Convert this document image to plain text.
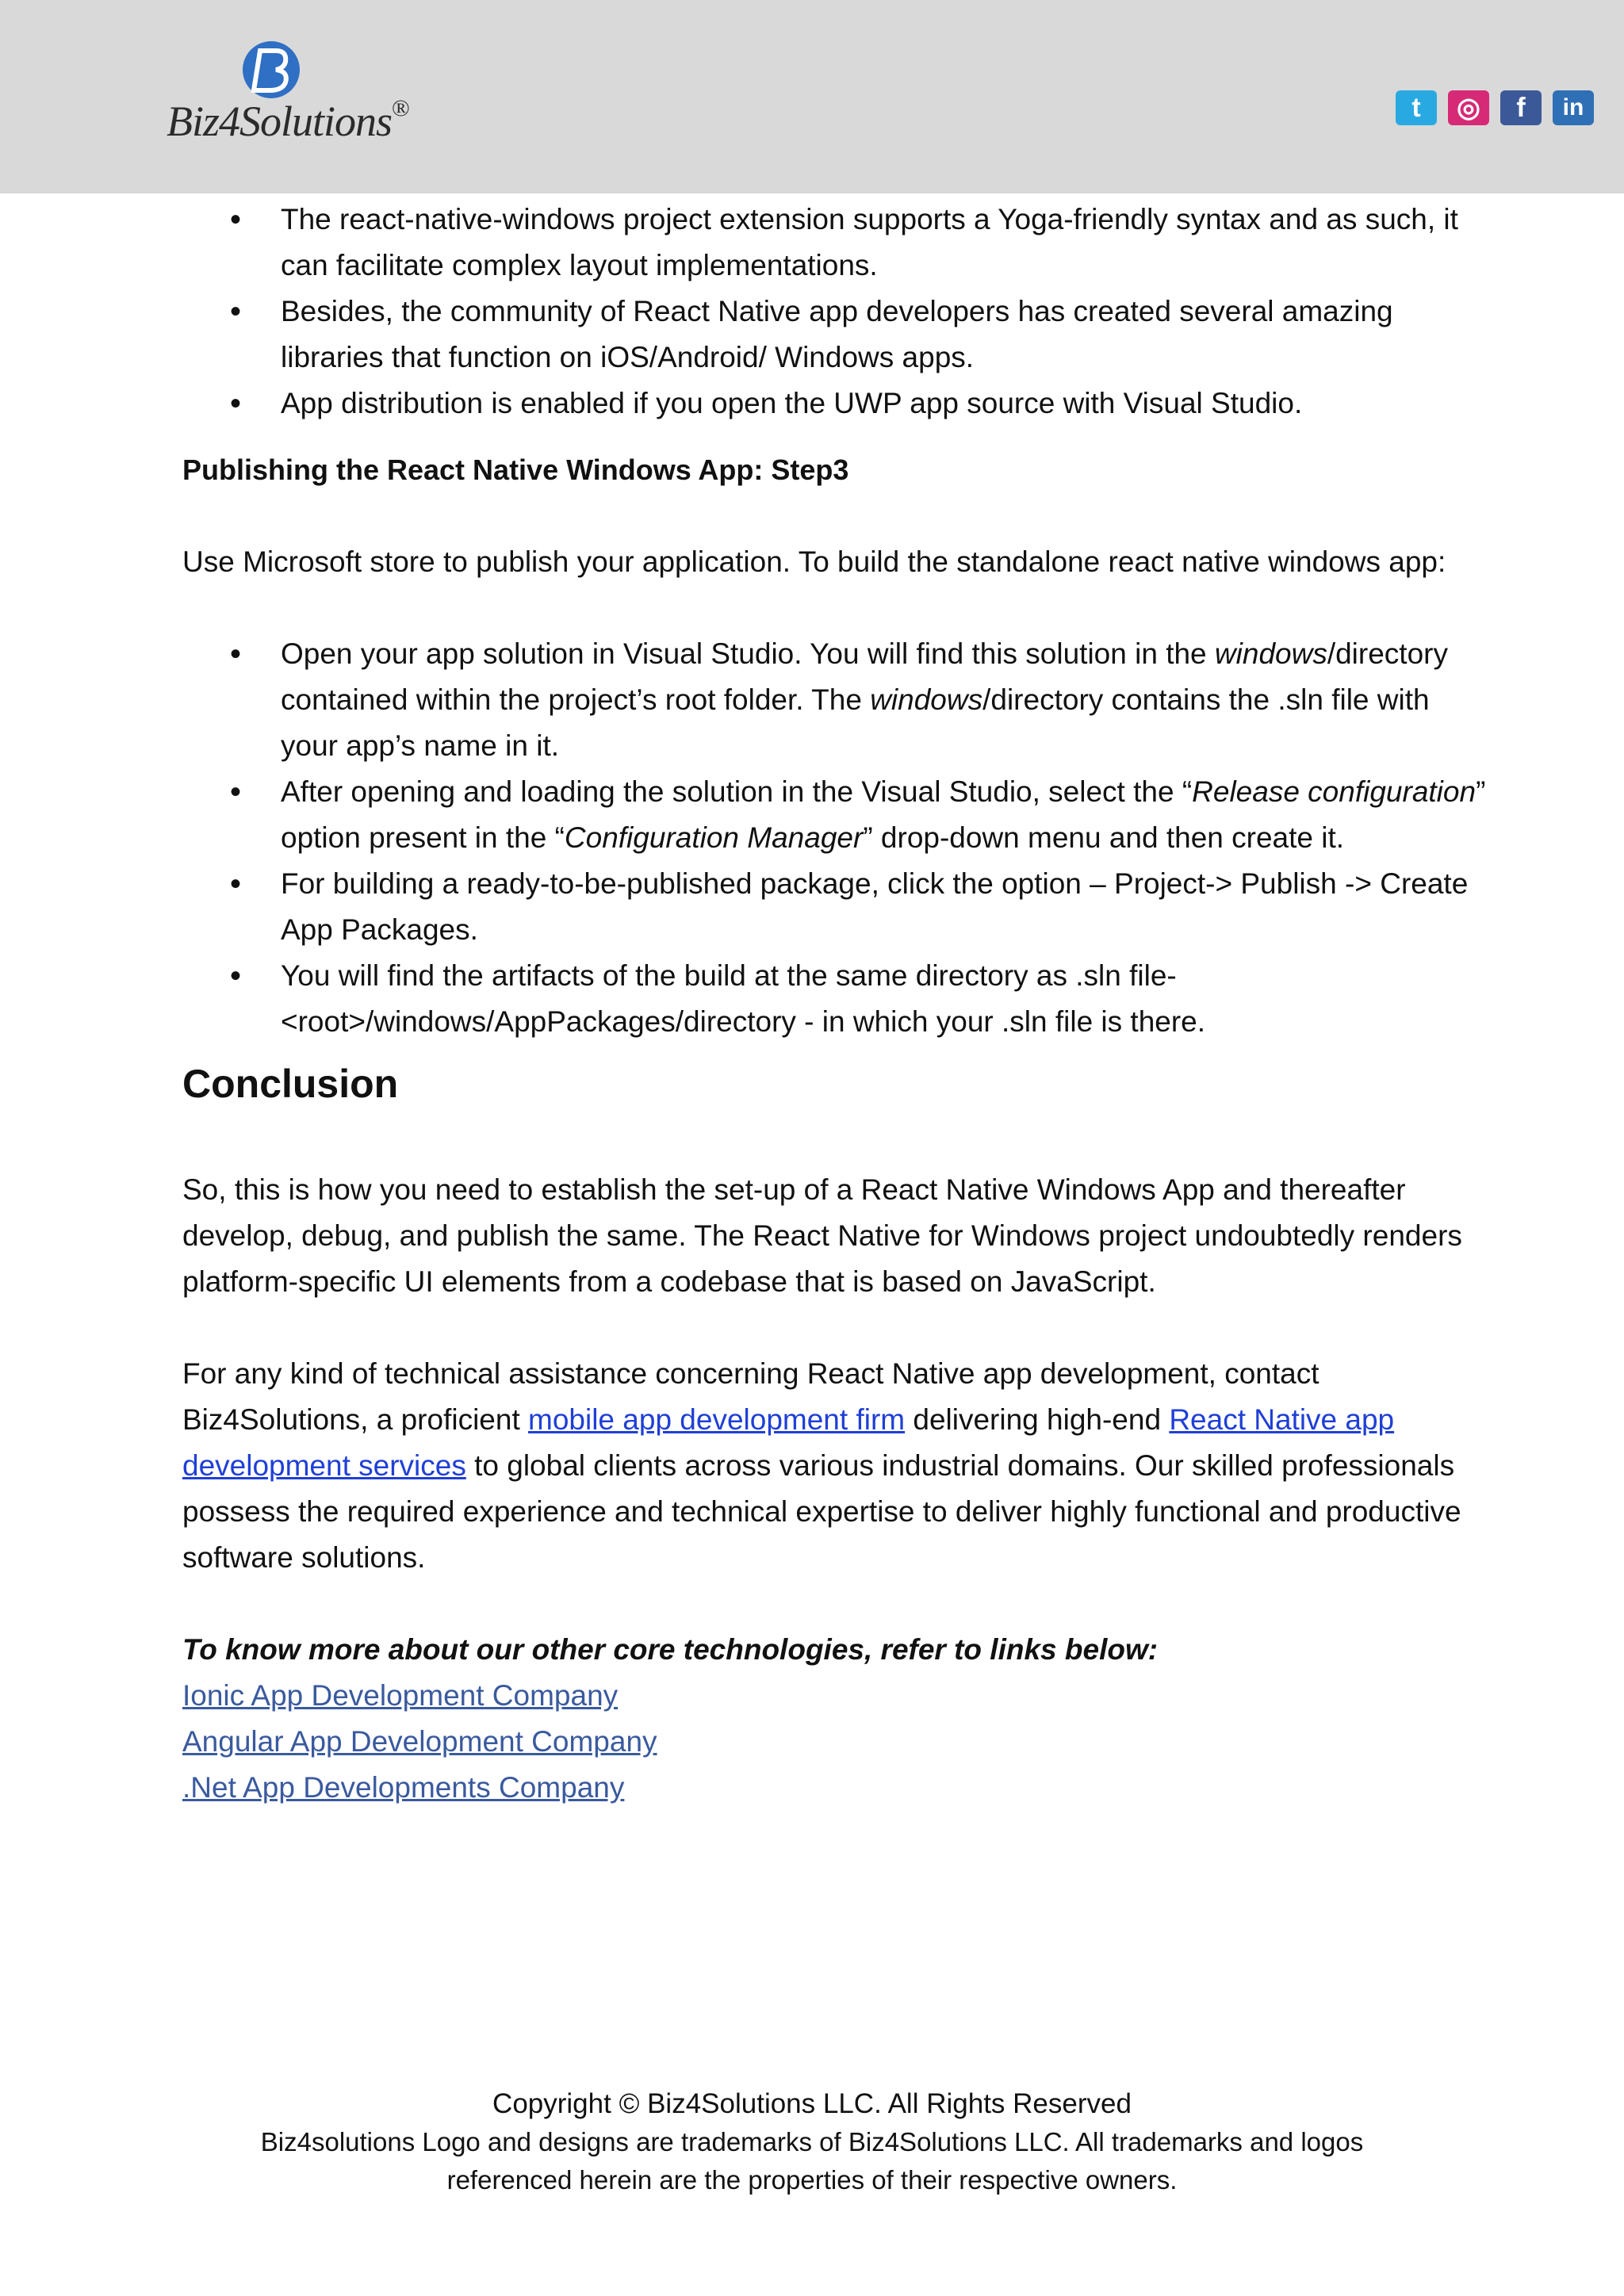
Biz4Solutions®	t	◎	f	in
• The react-native-windows project extension supports a Yoga-friendly syntax and as such, it can facilitate complex layout implementations.
• Besides, the community of React Native app developers has created several amazing libraries that function on iOS/Android/ Windows apps.
• App distribution is enabled if you open the UWP app source with Visual Studio.

Publishing the React Native Windows App: Step3

Use Microsoft store to publish your application. To build the standalone react native windows app:

• Open your app solution in Visual Studio. You will find this solution in the windows/directory contained within the project’s root folder. The windows/directory contains the .sln file with your app’s name in it.
• After opening and loading the solution in the Visual Studio, select the “Release configuration” option present in the “Configuration Manager” drop-down menu and then create it.
• For building a ready-to-be-published package, click the option – Project-> Publish -> Create App Packages.
• You will find the artifacts of the build at the same directory as .sln file-<root>/windows/AppPackages/directory - in which your .sln file is there.
Conclusion

So, this is how you need to establish the set-up of a React Native Windows App and thereafter develop, debug, and publish the same. The React Native for Windows project undoubtedly renders platform-specific UI elements from a codebase that is based on JavaScript.

For any kind of technical assistance concerning React Native app development, contact Biz4Solutions, a proficient mobile app development firm delivering high-end React Native app development services to global clients across various industrial domains. Our skilled professionals possess the required experience and technical expertise to deliver highly functional and productive software solutions.

To know more about our other core technologies, refer to links below:

Ionic App Development Company
Angular App Development Company
.Net App Developments Company
Copyright © Biz4Solutions LLC. All Rights Reserved
Biz4solutions Logo and designs are trademarks of Biz4Solutions LLC. All trademarks and logos
referenced herein are the properties of their respective owners.
